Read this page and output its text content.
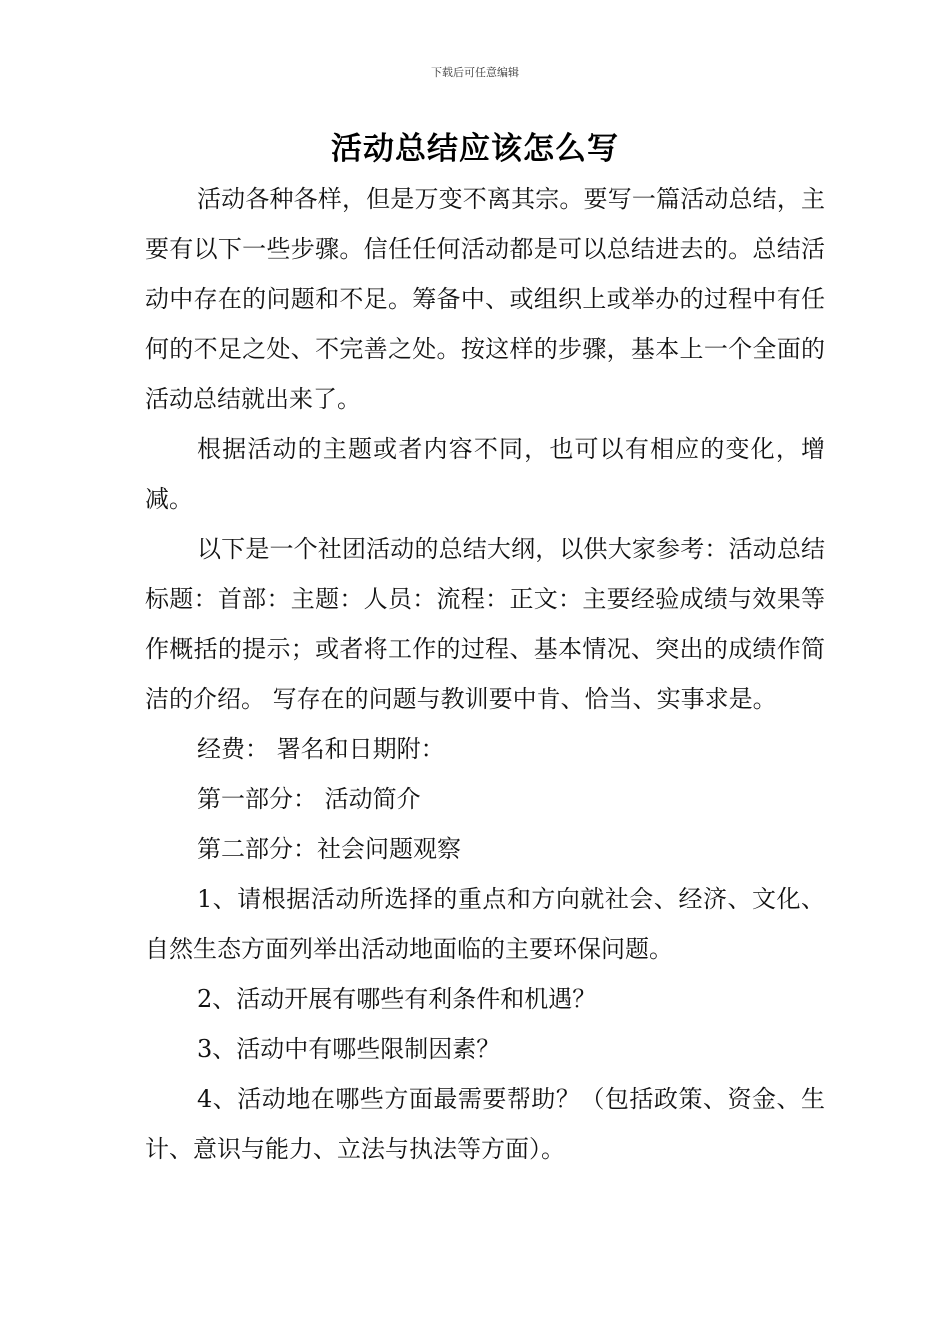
下载后可任意编辑
活动总结应该怎么写

活动各种各样，但是万变不离其宗。要写一篇活动总结，主要有以下一些步骤。信任任何活动都是可以总结进去的。总结活动中存在的问题和不足。筹备中、或组织上或举办的过程中有任何的不足之处、不完善之处。按这样的步骤，基本上一个全面的活动总结就出来了。

根据活动的主题或者内容不同，也可以有相应的变化，增减。

以下是一个社团活动的总结大纲，以供大家参考：活动总结标题：首部：主题：人员：流程：正文：主要经验成绩与效果等作概括的提示；或者将工作的过程、基本情况、突出的成绩作简洁的介绍。 写存在的问题与教训要中肯、恰当、实事求是。

经费： 署名和日期附：

第一部分： 活动简介

第二部分：社会问题观察

1、请根据活动所选择的重点和方向就社会、经济、文化、自然生态方面列举出活动地面临的主要环保问题。

2、活动开展有哪些有利条件和机遇？

3、活动中有哪些限制因素？

4、活动地在哪些方面最需要帮助？（包括政策、资金、生计、意识与能力、立法与执法等方面）。
